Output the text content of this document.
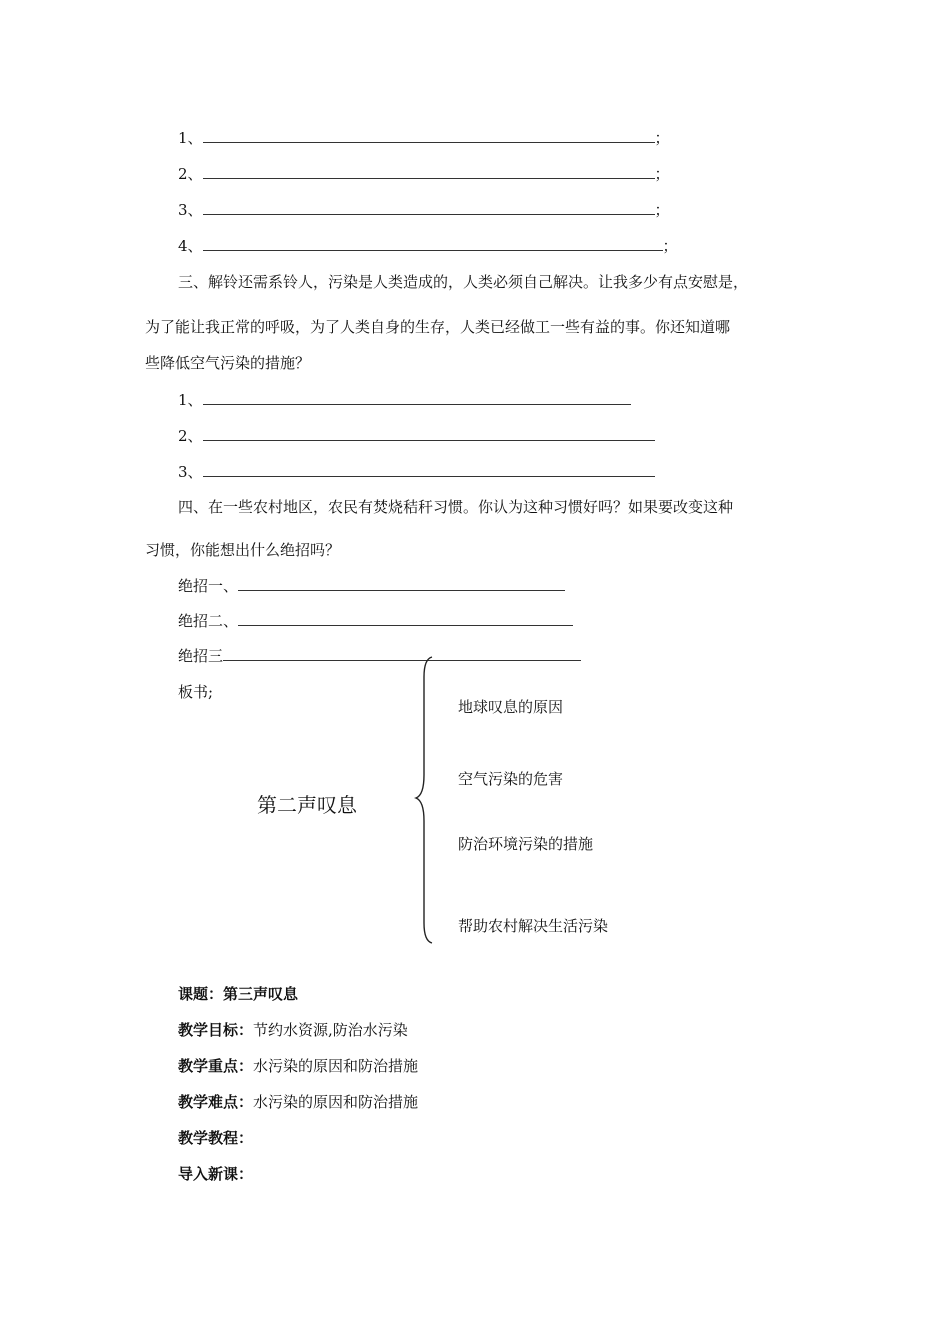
1、	；
2、	；
3、	；
4、	；
三、解铃还需系铃人，污染是人类造成的，人类必须自己解决。让我多少有点安慰是，
为了能让我正常的呼吸，为了人类自身的生存，人类已经做工一些有益的事。你还知道哪
些降低空气污染的措施？
1、
2、
3、
四、在一些农村地区，农民有焚烧秸秆习惯。你认为这种习惯好吗？如果要改变这种
习惯，你能想出什么绝招吗？
绝招一、
绝招二、
绝招三
板书;
第二声叹息
地球叹息的原因
空气污染的危害
防治环境污染的措施
帮助农村解决生活污染
课题：第三声叹息
教学目标：节约水资源,防治水污染
教学重点：水污染的原因和防治措施
教学难点：水污染的原因和防治措施
教学教程：
导入新课：
